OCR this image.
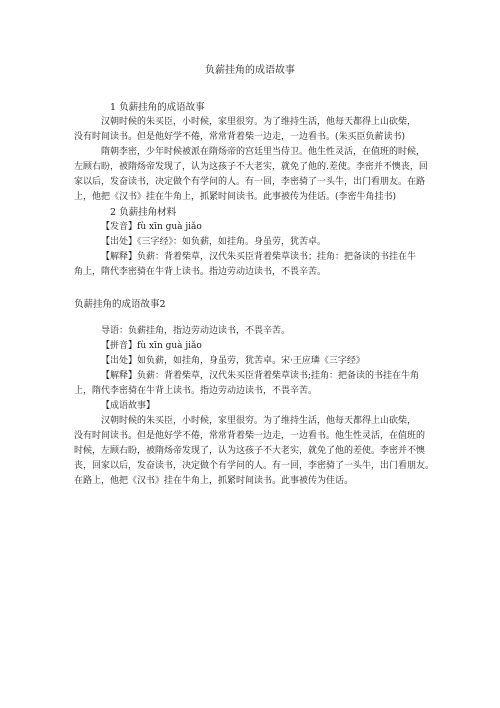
负薪挂角的成语故事
1 负薪挂角的成语故事
汉朝时候的朱买臣，小时候，家里很穷。为了维持生活，他每天都得上山砍柴，
没有时间读书。但是他好学不倦，常常背着柴一边走，一边看书。(朱买臣负薪读书)
隋朝李密，少年时候被派在隋炀帝的宫廷里当侍卫。他生性灵活，在值班的时候，
左顾右盼，被隋炀帝发现了，认为这孩子不大老实，就免了他的.差使。李密并不懊丧，回
家以后，发奋读书，决定做个有学问的人。有一回，李密骑了一头牛，出门看朋友。在路
上，他把《汉书》挂在牛角上，抓紧时间读书。此事被传为佳话。(李密牛角挂书)
2 负薪挂角材料
【发音】fù xīn guà jiǎo
【出处】《三字经》：如负薪，如挂角。身虽劳，犹苦卓。
【解释】负薪：背着柴草，汉代朱买臣背着柴草读书；挂角：把备读的书挂在牛
角上，隋代李密骑在牛背上读书。指边劳动边读书，不畏辛苦。
负薪挂角的成语故事2
导语：负薪挂角，指边劳动边读书，不畏辛苦。
【拼音】fù xīn guà jiǎo
【出处】如负薪，如挂角，身虽劳，犹苦卓。宋·王应璘《三字经》
【解释】负薪：背着柴草，汉代朱买臣背着柴草读书;挂角：把备读的书挂在牛角
上，隋代李密骑在牛背上读书。指边劳动边读书，不畏辛苦。
【成语故事】
汉朝时候的朱买臣，小时候，家里很穷。为了维持生活，他每天都得上山砍柴，
没有时间读书。但是他好学不倦，常常背着柴一边走，一边看书。他生性灵活，在值班的
时候，左顾右盼，被隋炀帝发现了，认为这孩子不大老实，就免了他的差使。李密并不懊
丧，回家以后，发奋读书，决定做个有学问的人。有一回，李密骑了一头牛，出门看朋友。
在路上，他把《汉书》挂在牛角上，抓紧时间读书。此事被传为佳话。
